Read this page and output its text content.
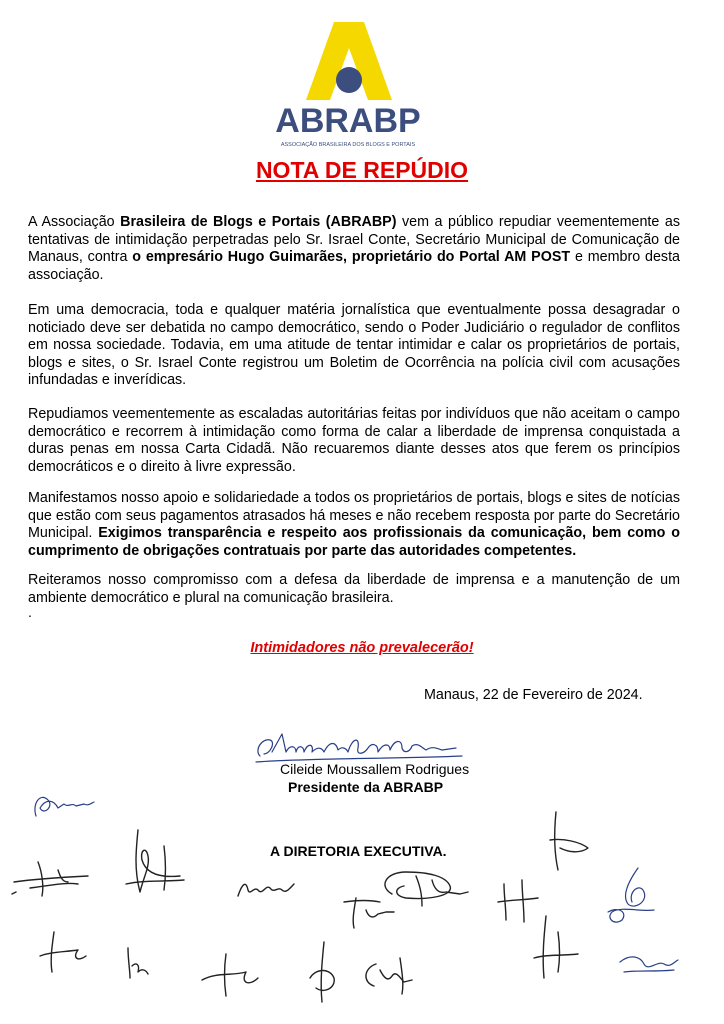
ABRABP
ASSOCIAÇÃO BRASILEIRA DOS BLOGS E PORTAIS
NOTA DE REPÚDIO

A Associação Brasileira de Blogs e Portais (ABRABP) vem a público repudiar veementemente as tentativas de intimidação perpetradas pelo Sr. Israel Conte, Secretário Municipal de Comunicação de Manaus, contra o empresário Hugo Guimarães, proprietário do Portal AM POST e membro desta associação.

Em uma democracia, toda e qualquer matéria jornalística que eventualmente possa desagradar o noticiado deve ser debatida no campo democrático, sendo o Poder Judiciário o regulador de conflitos em nossa sociedade. Todavia, em uma atitude de tentar intimidar e calar os proprietários de portais, blogs e sites, o Sr. Israel Conte registrou um Boletim de Ocorrência na polícia civil com acusações infundadas e inverídicas.

Repudiamos veementemente as escaladas autoritárias feitas por indivíduos que não aceitam o campo democrático e recorrem à intimidação como forma de calar a liberdade de imprensa conquistada a duras penas em nossa Carta Cidadã. Não recuaremos diante desses atos que ferem os princípios democráticos e o direito à livre expressão.

Manifestamos nosso apoio e solidariedade a todos os proprietários de portais, blogs e sites de notícias que estão com seus pagamentos atrasados há meses e não recebem resposta por parte do Secretário Municipal. Exigimos transparência e respeito aos profissionais da comunicação, bem como o cumprimento de obrigações contratuais por parte das autoridades competentes.

Reiteramos nosso compromisso com a defesa da liberdade de imprensa e a manutenção de um ambiente democrático e plural na comunicação brasileira.

.
Intimidadores não prevalecerão!
Manaus, 22 de Fevereiro de 2024.
Cileide Moussallem Rodrigues
Presidente da ABRABP
A DIRETORIA EXECUTIVA.
